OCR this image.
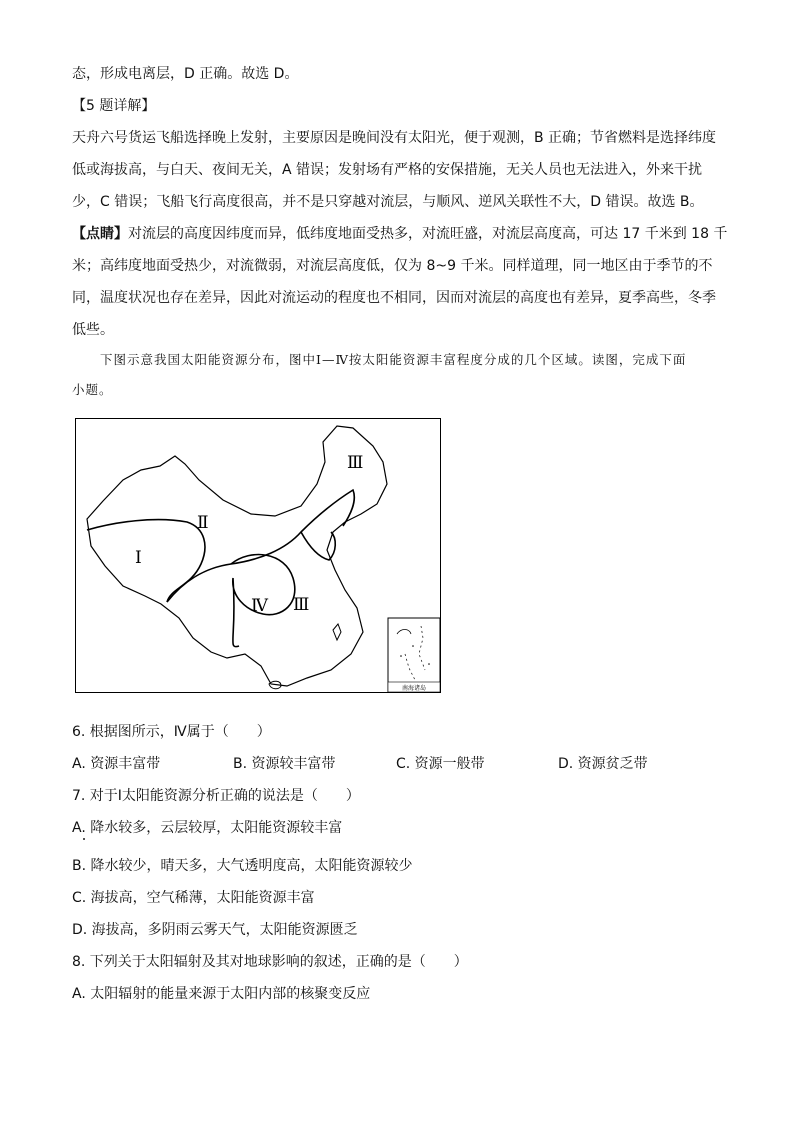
态，形成电离层，D 正确。故选 D。
【5 题详解】
天舟六号货运飞船选择晚上发射，主要原因是晚间没有太阳光，便于观测，B 正确；节省燃料是选择纬度
低或海拔高，与白天、夜间无关，A 错误；发射场有严格的安保措施，无关人员也无法进入，外来干扰
少，C 错误；飞船飞行高度很高，并不是只穿越对流层，与顺风、逆风关联性不大，D 错误。故选 B。
【点睛】对流层的高度因纬度而异，低纬度地面受热多，对流旺盛，对流层高度高，可达 17 千米到 18 千
米；高纬度地面受热少，对流微弱，对流层高度低，仅为 8~9 千米。同样道理，同一地区由于季节的不
同，温度状况也存在差异，因此对流运动的程度也不相同，因而对流层的高度也有差异，夏季高些，冬季
低些。
下图示意我国太阳能资源分布，图中Ⅰ—Ⅳ按太阳能资源丰富程度分成的几个区域。读图，完成下面
小题。
Ⅰ
Ⅱ
Ⅲ
Ⅳ Ⅲ
南海诸岛
6. 根据图所示，Ⅳ属于（　　）
A. 资源丰富带	B. 资源较丰富带	C. 资源一般带	D. 资源贫乏带
7. 对于Ⅰ太阳能资源分析正确的说法是（　　）
A. 降水较多，云层较厚，太阳能资源较丰富
B. 降水较少，晴天多，大气透明度高，太阳能资源较少
C. 海拔高，空气稀薄，太阳能资源丰富
D. 海拔高，多阴雨云雾天气，太阳能资源匮乏
8. 下列关于太阳辐射及其对地球影响的叙述，正确的是（　　）
A. 太阳辐射的能量来源于太阳内部的核聚变反应
